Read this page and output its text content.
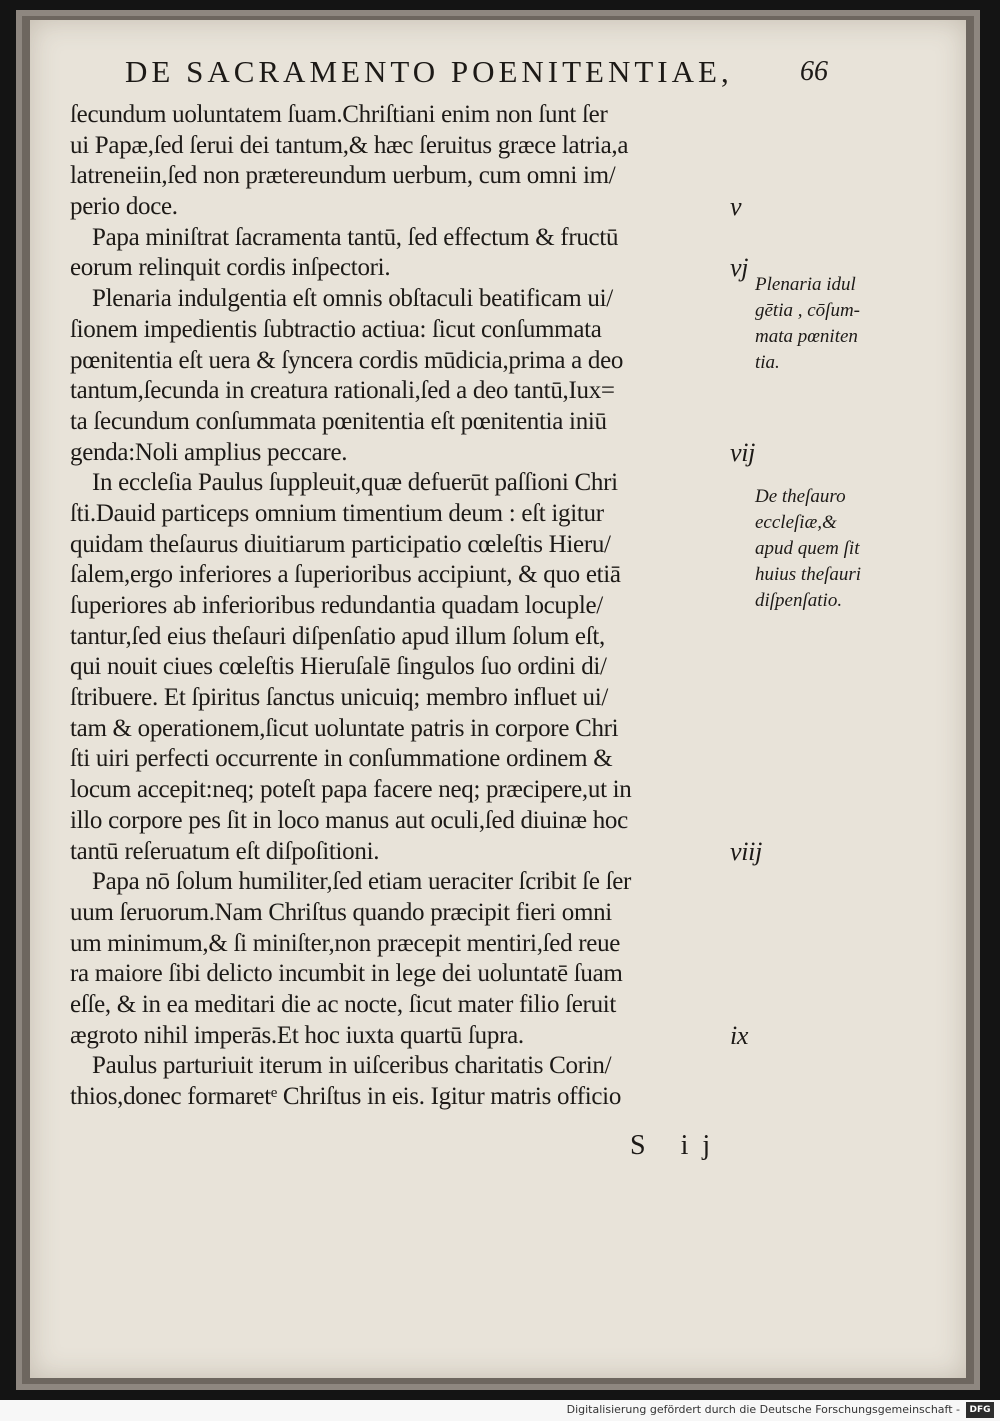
DE SACRAMENTO POENITENTIAE,	66
ſecundum uoluntatem ſuam.Chriſtiani enim non ſunt ſer
ui Papæ,ſed ſerui dei tantum,& hæc ſeruitus græce latria,a
latreneiin,ſed non prætereundum uerbum, cum omni im/
perio doce.	v
Papa miniſtrat ſacramenta tantū, ſed effectum & fructū
eorum relinquit cordis inſpectori.	vj
Plenaria indulgentia eſt omnis obſtaculi beatificam ui/
ſionem impedientis ſubtractio actiua: ſicut conſummata
pœnitentia eſt uera & ſyncera cordis mūdicia,prima a deo
tantum,ſecunda in creatura rationali,ſed a deo tantū,Iux=
ta ſecundum conſummata pœnitentia eſt pœnitentia iniū
genda:Noli amplius peccare.	vij
In eccleſia Paulus ſuppleuit,quæ defuerūt paſſioni Chri
ſti.Dauid particeps omnium timentium deum : eſt igitur
quidam theſaurus diuitiarum participatio cœleſtis Hieru/
ſalem,ergo inferiores a ſuperioribus accipiunt, & quo etiā
ſuperiores ab inferioribus redundantia quadam locuple/
tantur,ſed eius theſauri diſpenſatio apud illum ſolum eſt,
qui nouit ciues cœleſtis Hieruſalē ſingulos ſuo ordini di/
ſtribuere. Et ſpiritus ſanctus unicuiq; membro influet ui/
tam & operationem,ſicut uoluntate patris in corpore Chri
ſti uiri perfecti occurrente in conſummatione ordinem &
locum accepit:neq; poteſt papa facere neq; præcipere,ut in
illo corpore pes ſit in loco manus aut oculi,ſed diuinæ hoc
tantū reſeruatum eſt diſpoſitioni.	viij
Papa nō ſolum humiliter,ſed etiam ueraciter ſcribit ſe ſer
uum ſeruorum.Nam Chriſtus quando præcipit fieri omni
um minimum,& ſi miniſter,non præcepit mentiri,ſed reue
ra maiore ſibi delicto incumbit in lege dei uoluntatē ſuam
eſſe, & in ea meditari die ac nocte, ſicut mater filio ſeruit
ægroto nihil imperās.Et hoc iuxta quartū ſupra.	ix
Paulus parturiuit iterum in uiſceribus charitatis Corin/
thios,donec formaretᵉ Chriſtus in eis. Igitur matris officio
Plenaria idul
gētia , cōſum-
mata pœniten
tia.
De theſauro
eccleſiæ,&
apud quem ſit
huius theſauri
diſpenſatio.
S ij
Digitalisierung gefördert durch die Deutsche Forschungsgemeinschaft -	DFG
